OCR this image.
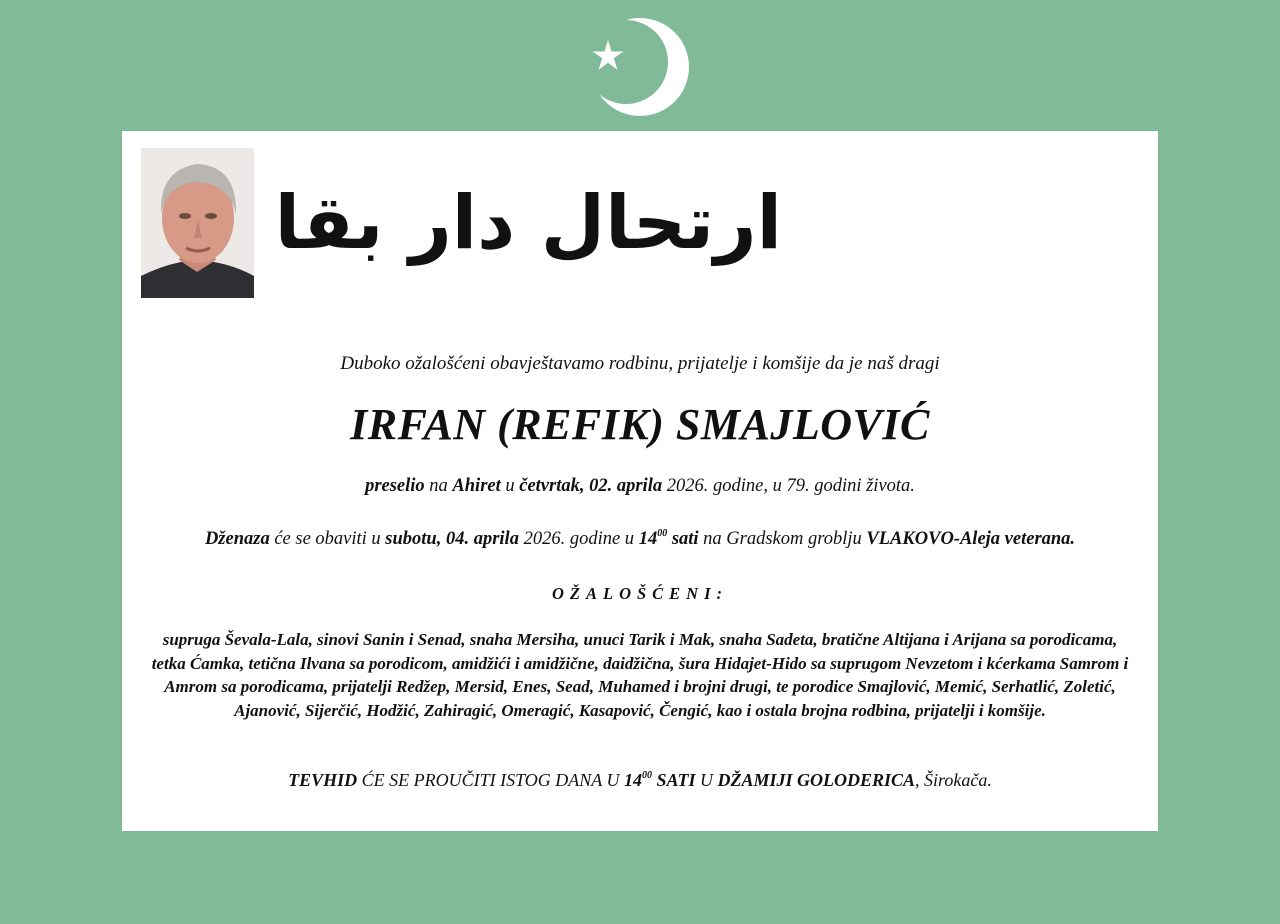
ارتحال دار بقا
Duboko ožalošćeni obavještavamo rodbinu, prijatelje i komšije da je naš dragi
IRFAN (REFIK) SMAJLOVIĆ
preselio na Ahiret u četvrtak, 02. aprila 2026. godine, u 79. godini života.
Dženaza će se obaviti u subotu, 04. aprila 2026. godine u $14^{00}$ sati na Gradskom groblju VLAKOVO-Aleja veterana.
OŽALOŠĆENI:
supruga Ševala-Lala, sinovi Sanin i Senad, snaha Mersiha, unuci Tarik i Mak, snaha Sadeta, bratične Altijana i Arijana sa porodicama, tetka Ćamka, tetična Ilvana sa porodicom, amidžići i amidžične, daidžična, šura Hidajet-Hido sa suprugom Nevzetom i kćerkama Samrom i Amrom sa porodicama, prijatelji Redžep, Mersid, Enes, Sead, Muhamed i brojni drugi, te porodice Smajlović, Memić, Serhatlić, Zoletić, Ajanović, Sijerčić, Hodžić, Zahiragić, Omeragić, Kasapović, Čengić, kao i ostala brojna rodbina, prijatelji i komšije.
TEVHID ĆE SE PROUČITI ISTOG DANA U $14^{00}$ SATI U DŽAMIJI GOLODERICA, Širokača.
